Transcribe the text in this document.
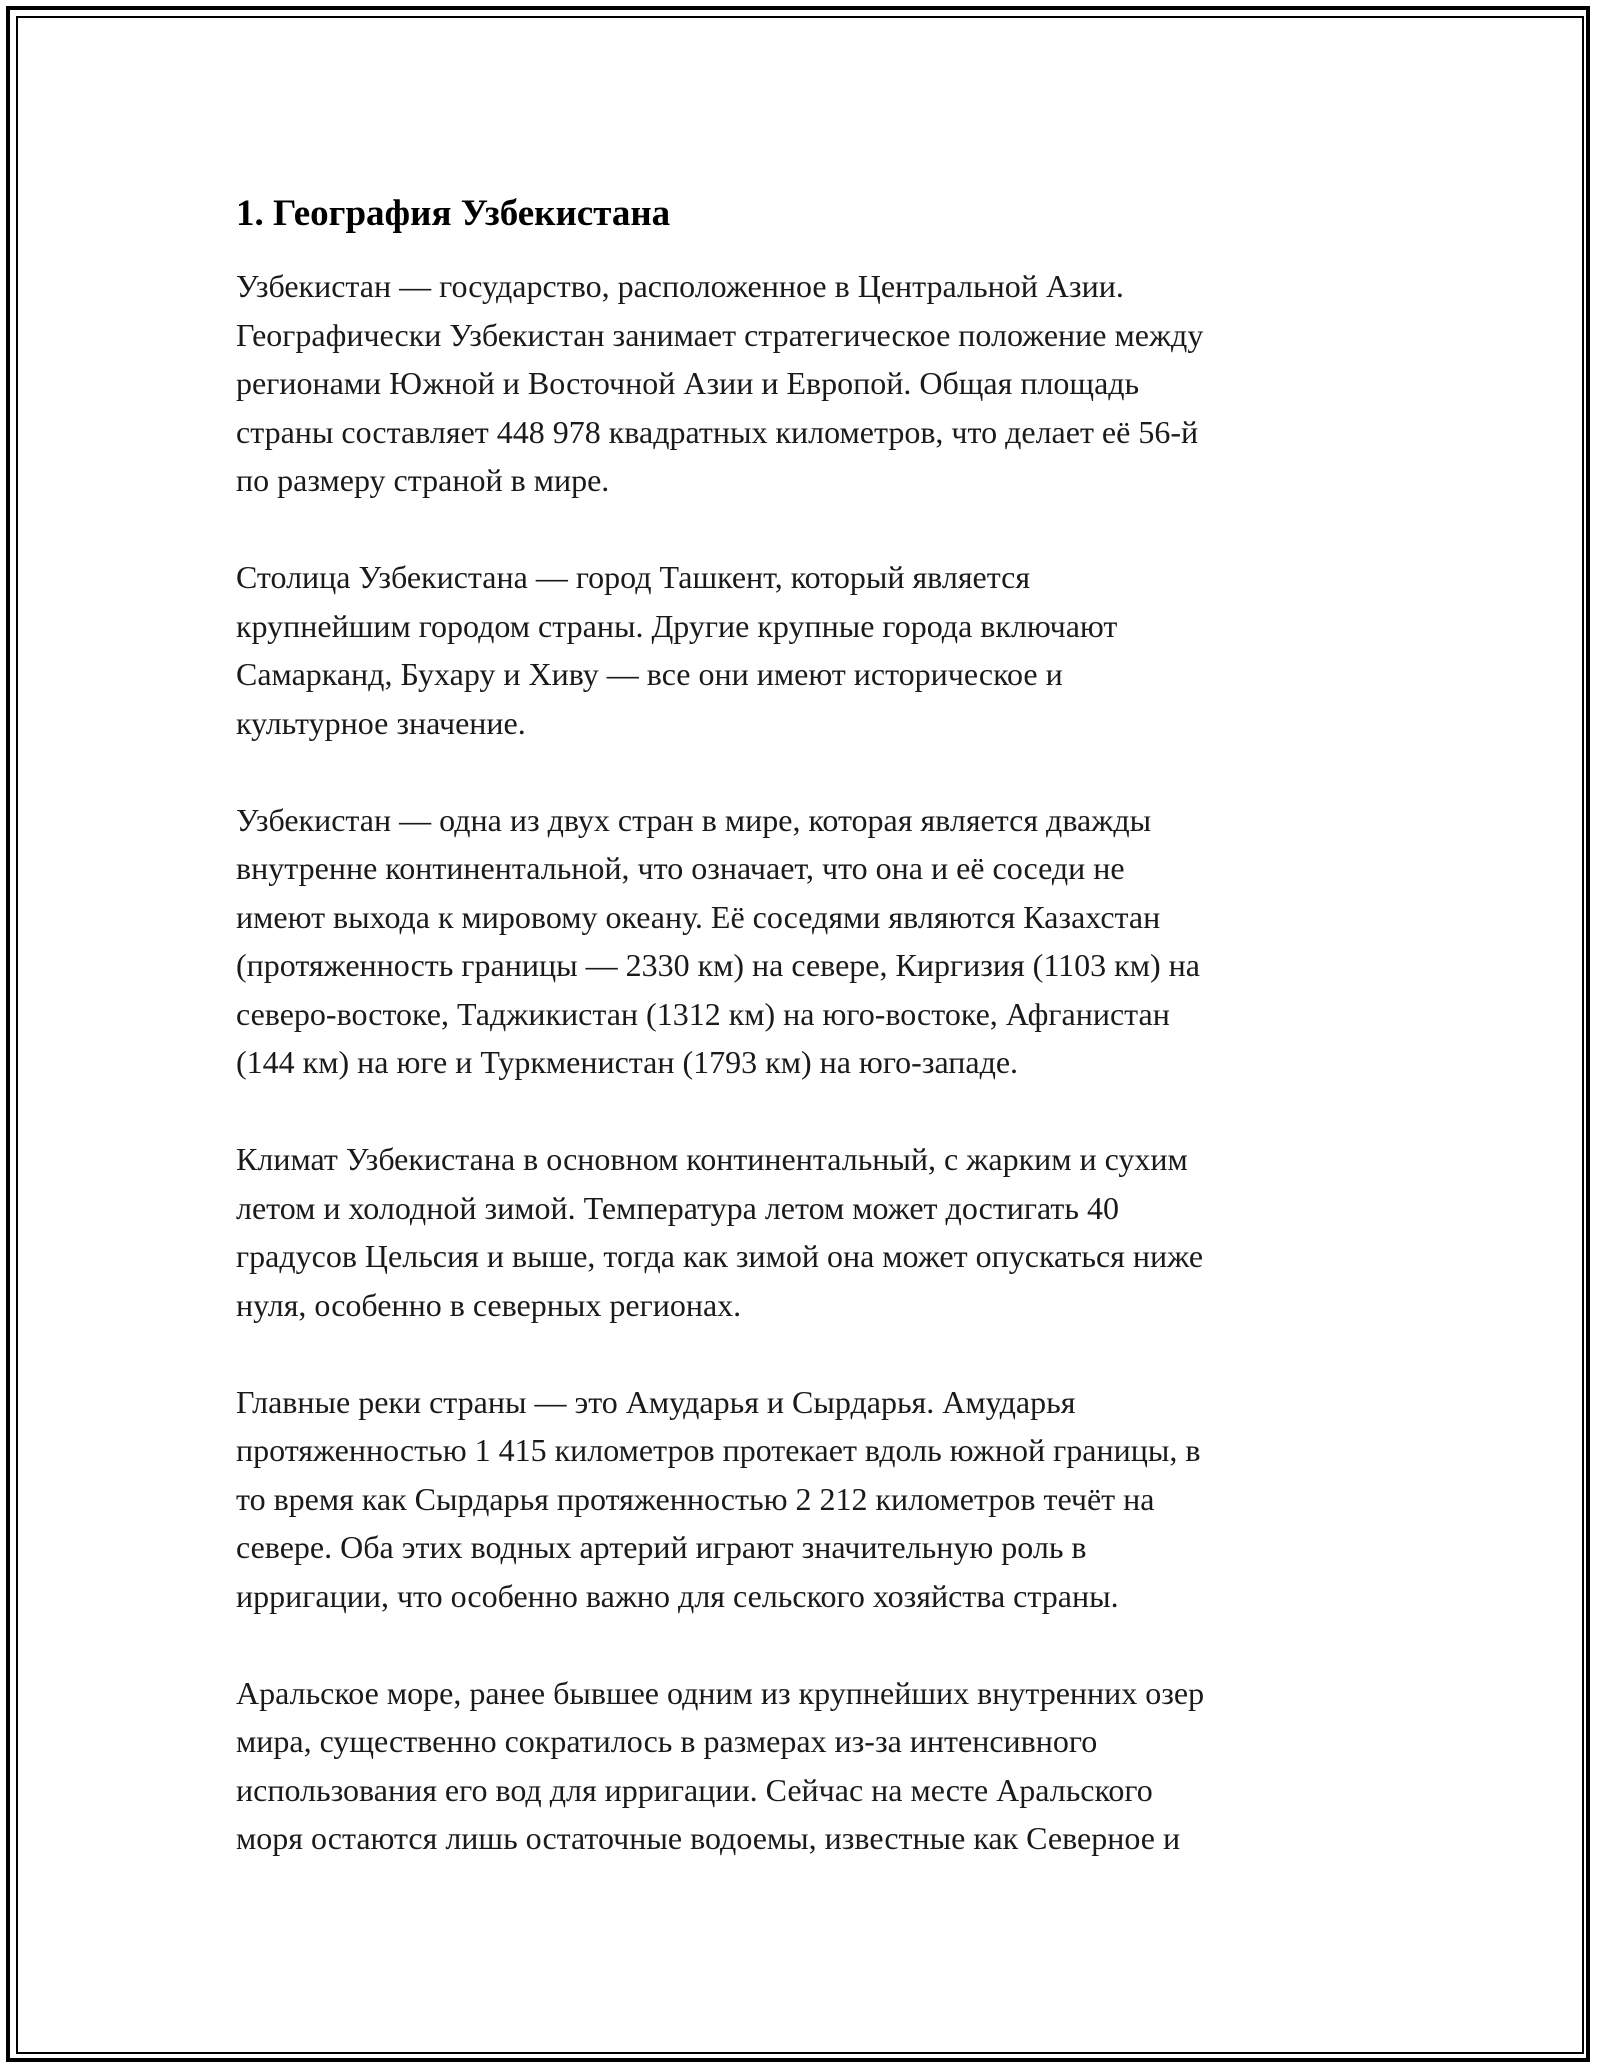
1. География Узбекистана
Узбекистан — государство, расположенное в Центральной Азии.
Географически Узбекистан занимает стратегическое положение между
регионами Южной и Восточной Азии и Европой. Общая площадь
страны составляет 448 978 квадратных километров, что делает её 56-й
по размеру страной в мире.
Столица Узбекистана — город Ташкент, который является
крупнейшим городом страны. Другие крупные города включают
Самарканд, Бухару и Хиву — все они имеют историческое и
культурное значение.
Узбекистан — одна из двух стран в мире, которая является дважды
внутренне континентальной, что означает, что она и её соседи не
имеют выхода к мировому океану. Её соседями являются Казахстан
(протяженность границы — 2330 км) на севере, Киргизия (1103 км) на
северо-востоке, Таджикистан (1312 км) на юго-востоке, Афганистан
(144 км) на юге и Туркменистан (1793 км) на юго-западе.
Климат Узбекистана в основном континентальный, с жарким и сухим
летом и холодной зимой. Температура летом может достигать 40
градусов Цельсия и выше, тогда как зимой она может опускаться ниже
нуля, особенно в северных регионах.
Главные реки страны — это Амударья и Сырдарья. Амударья
протяженностью 1 415 километров протекает вдоль южной границы, в
то время как Сырдарья протяженностью 2 212 километров течёт на
севере. Оба этих водных артерий играют значительную роль в
ирригации, что особенно важно для сельского хозяйства страны.
Аральское море, ранее бывшее одним из крупнейших внутренних озер
мира, существенно сократилось в размерах из-за интенсивного
использования его вод для ирригации. Сейчас на месте Аральского
моря остаются лишь остаточные водоемы, известные как Северное и
